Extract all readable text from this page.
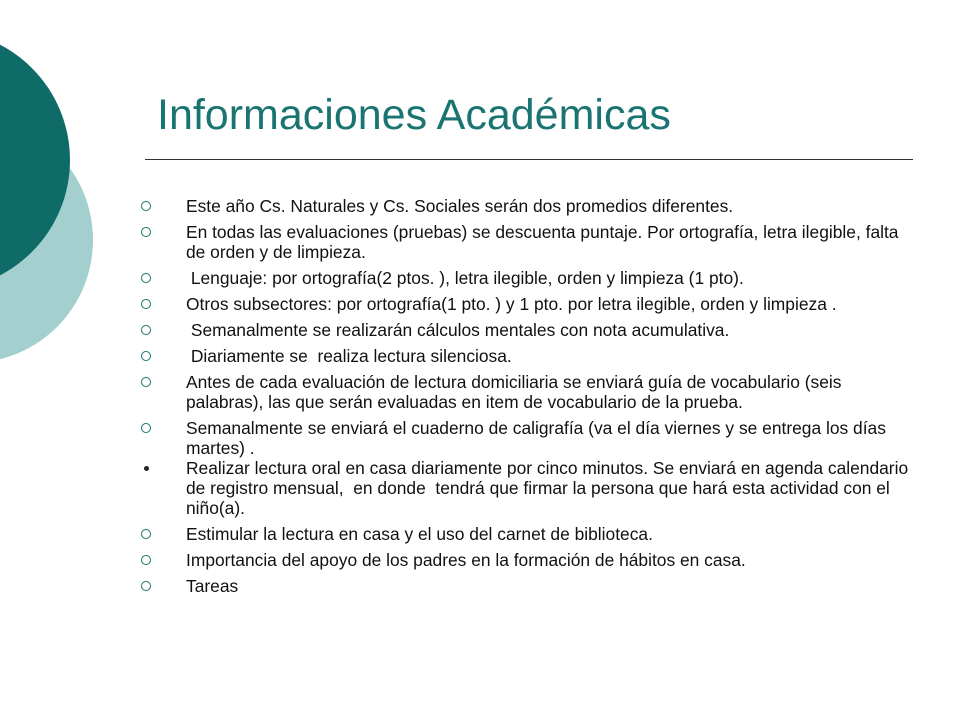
Informaciones Académicas
Este año Cs. Naturales y Cs. Sociales serán dos promedios diferentes.
En todas las evaluaciones (pruebas) se descuenta puntaje. Por ortografía, letra ilegible, falta de orden y de limpieza.
Lenguaje: por ortografía(2 ptos. ), letra ilegible, orden y limpieza (1 pto).
Otros subsectores: por ortografía(1 pto. ) y 1 pto. por letra ilegible, orden y limpieza .
Semanalmente se realizarán cálculos mentales con nota acumulativa.
Diariamente se  realiza lectura silenciosa.
Antes de cada evaluación de lectura domiciliaria se enviará guía de vocabulario (seis palabras), las que serán evaluadas en item de vocabulario de la prueba.
Semanalmente se enviará el cuaderno de caligrafía (va el día viernes y se entrega los días martes) .
Realizar lectura oral en casa diariamente por cinco minutos. Se enviará en agenda calendario de registro mensual,  en donde  tendrá que firmar la persona que hará esta actividad con el niño(a).
Estimular la lectura en casa y el uso del carnet de biblioteca.
Importancia del apoyo de los padres en la formación de hábitos en casa.
Tareas
